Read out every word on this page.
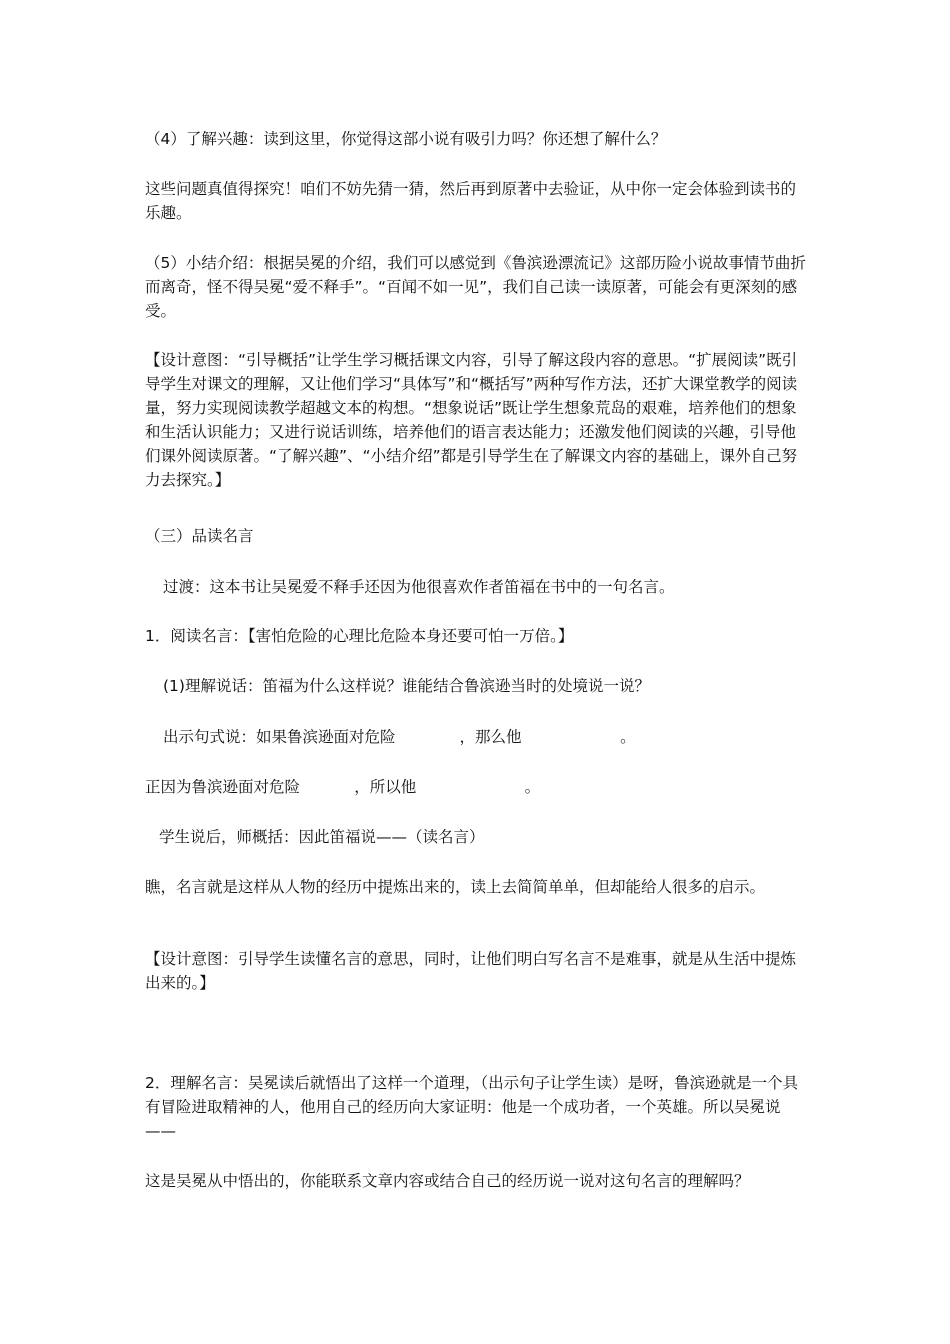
（4）了解兴趣：读到这里，你觉得这部小说有吸引力吗？你还想了解什么？

这些问题真值得探究！咱们不妨先猜一猜，然后再到原著中去验证，从中你一定会体验到读书的乐趣。

（5）小结介绍：根据吴冕的介绍，我们可以感觉到《鲁滨逊漂流记》这部历险小说故事情节曲折而离奇，怪不得吴冕“爱不释手”。“百闻不如一见”，我们自己读一读原著，可能会有更深刻的感受。

【设计意图：“引导概括”让学生学习概括课文内容，引导了解这段内容的意思。“扩展阅读”既引导学生对课文的理解，又让他们学习“具体写”和“概括写”两种写作方法，还扩大课堂教学的阅读量，努力实现阅读教学超越文本的构想。“想象说话”既让学生想象荒岛的艰难，培养他们的想象和生活认识能力；又进行说话训练，培养他们的语言表达能力；还激发他们阅读的兴趣，引导他们课外阅读原著。“了解兴趣”、“小结介绍”都是引导学生在了解课文内容的基础上，课外自己努力去探究。】

（三）品读名言

过渡：这本书让吴冕爱不释手还因为他很喜欢作者笛福在书中的一句名言。

1．阅读名言：【害怕危险的心理比危险本身还要可怕一万倍。】

(1)理解说话：笛福为什么这样说？谁能结合鲁滨逊当时的处境说一说？

出示句式说：如果鲁滨逊面对危险             ，那么他                    。

正因为鲁滨逊面对危险           ，所以他                      。

学生说后，师概括：因此笛福说——（读名言）

瞧，名言就是这样从人物的经历中提炼出来的，读上去简简单单，但却能给人很多的启示。

【设计意图：引导学生读懂名言的意思，同时，让他们明白写名言不是难事，就是从生活中提炼出来的。】

2．理解名言：吴冕读后就悟出了这样一个道理，（出示句子让学生读）是呀，鲁滨逊就是一个具有冒险进取精神的人，他用自己的经历向大家证明：他是一个成功者，一个英雄。所以吴冕说——

这是吴冕从中悟出的，你能联系文章内容或结合自己的经历说一说对这句名言的理解吗？
